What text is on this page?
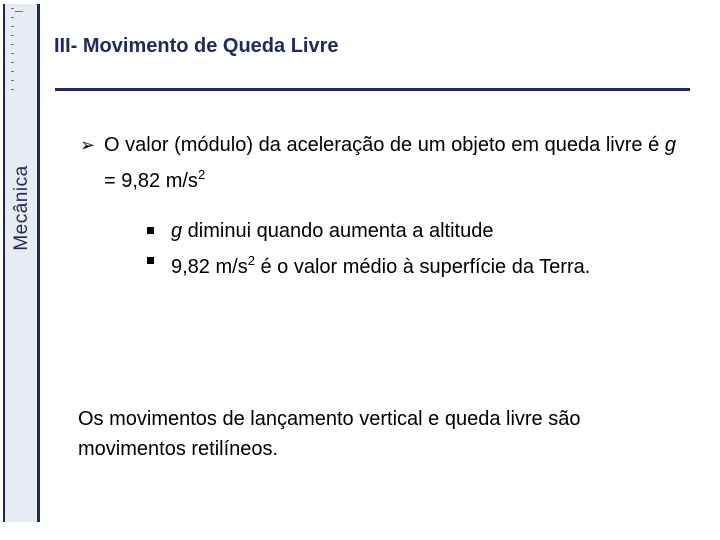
Mecânica
III- Movimento de Queda Livre
➢ O valor (módulo) da aceleração de um objeto em queda livre é g = 9,82 $m/s^2$
g diminui quando aumenta a altitude
9,82 $m/s^2$ é o valor médio à superfície da Terra.
Os movimentos de lançamento vertical e queda livre são movimentos retilíneos.
